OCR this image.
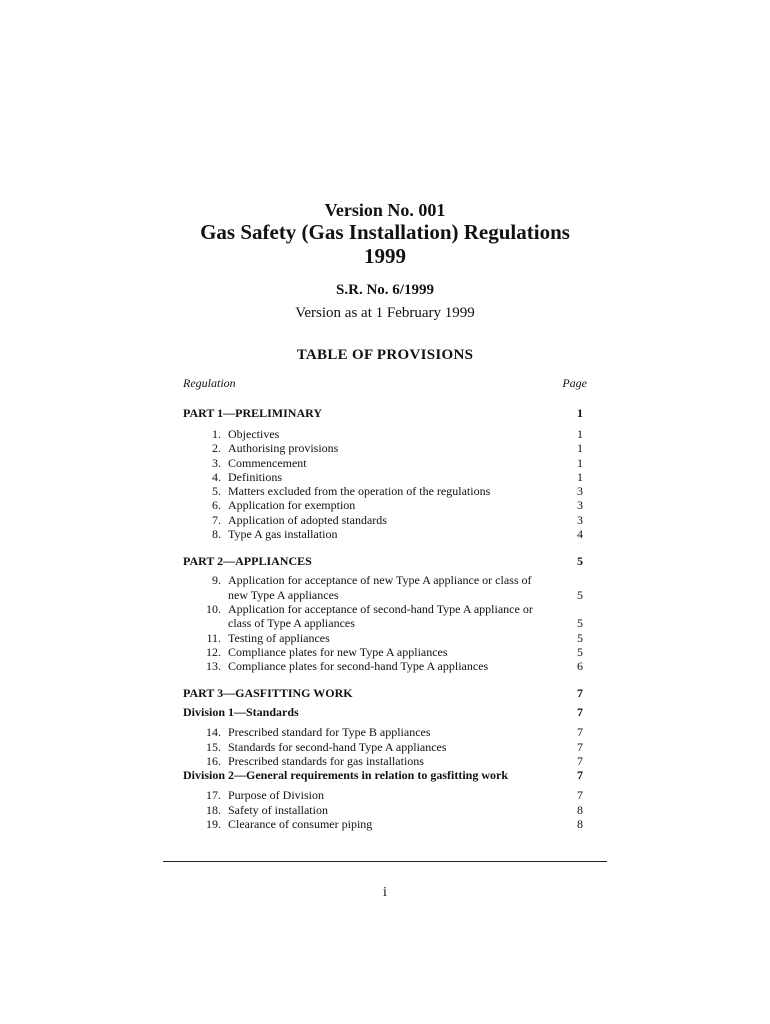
Version No. 001
Gas Safety (Gas Installation) Regulations
1999
S.R. No. 6/1999
Version as at 1 February 1999
TABLE OF PROVISIONS
Regulation	Page
PART 1—PRELIMINARY	1
1. Objectives	1
2. Authorising provisions	1
3. Commencement	1
4. Definitions	1
5. Matters excluded from the operation of the regulations	3
6. Application for exemption	3
7. Application of adopted standards	3
8. Type A gas installation	4
PART 2—APPLIANCES	5
9. Application for acceptance of new Type A appliance or class of
new Type A appliances	5
10. Application for acceptance of second-hand Type A appliance or
class of Type A appliances	5
11. Testing of appliances	5
12. Compliance plates for new Type A appliances	5
13. Compliance plates for second-hand Type A appliances	6
PART 3—GASFITTING WORK	7
Division 1—Standards	7
14. Prescribed standard for Type B appliances	7
15. Standards for second-hand Type A appliances	7
16. Prescribed standards for gas installations	7
Division 2—General requirements in relation to gasfitting work	7
17. Purpose of Division	7
18. Safety of installation	8
19. Clearance of consumer piping	8
i
